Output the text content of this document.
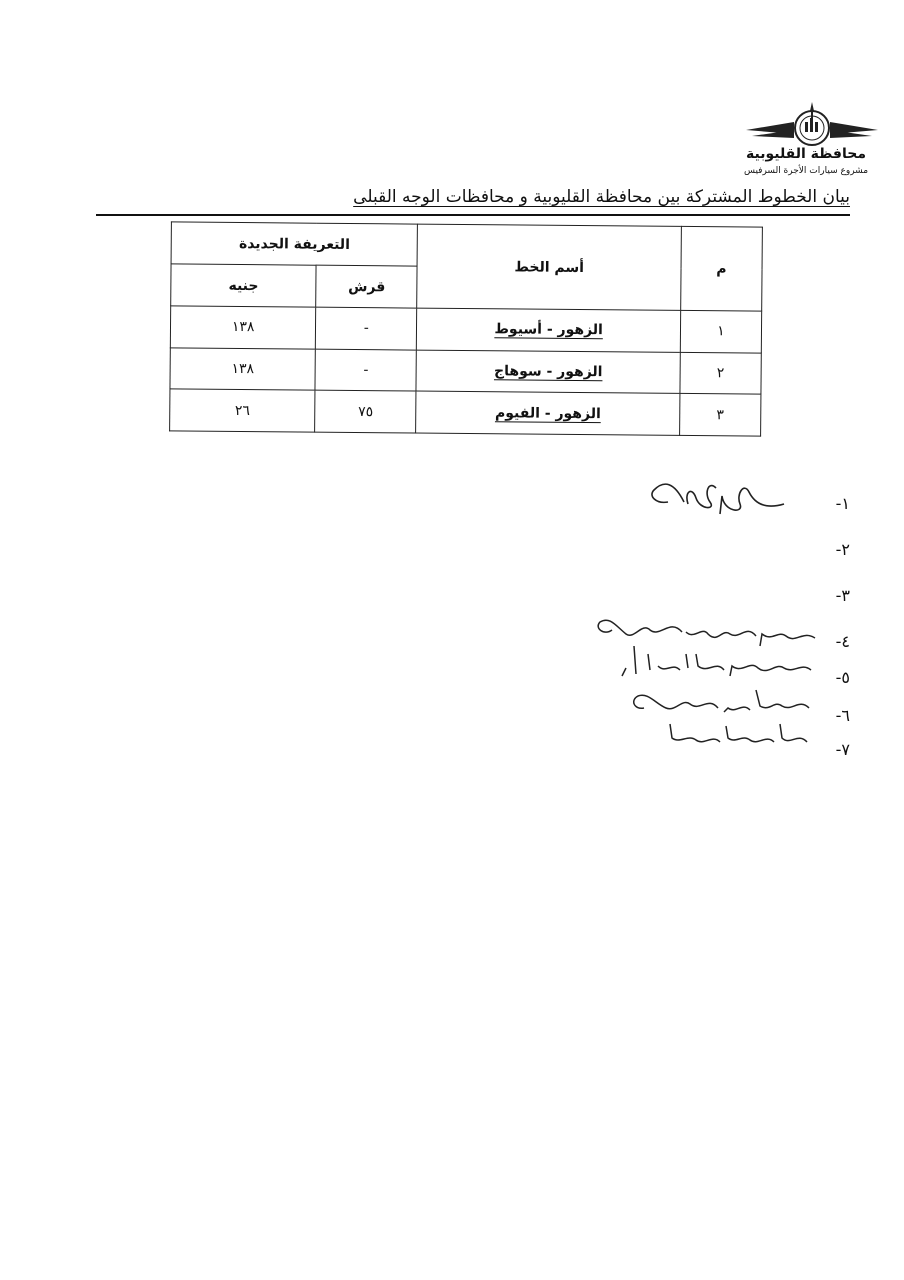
محافظة القليوبية
مشروع سيارات الأجرة السرفيس
بيان الخطوط المشتركة بين محافظة القليوبية و محافظات الوجه القبلى
م	أسم الخط	التعريفة الجديدة	
		قرش	جنيه
١	الزهور - أسيوط	-	١٣٨
٢	الزهور - سوهاج	-	١٣٨
٣	الزهور - الفيوم	٧٥	٢٦
١-
٢-
٣-
٤-
٥-
٦-
٧-
